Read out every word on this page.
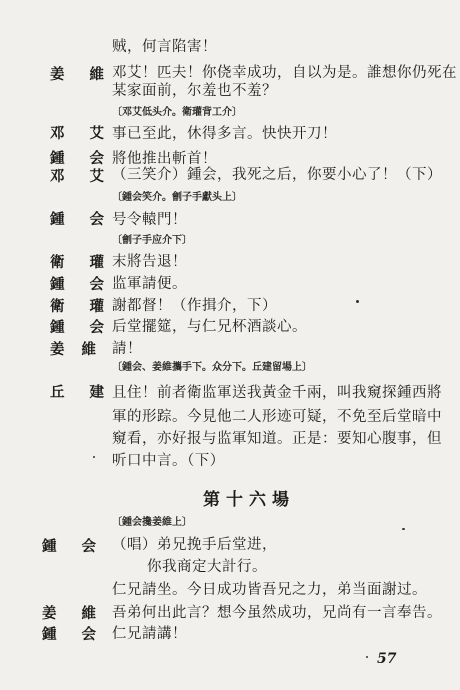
贼，何言陷害！
姜 維
邓艾！匹夫！你侥幸成功，自以为是。誰想你仍死在
某家面前，尔羞也不羞？
〔邓艾低头介。衛瓘背工介〕
邓 艾
事已至此，休得多言。快快开刀！
鍾 会
將他推出斬首！
邓 艾
（三笑介）鍾会，我死之后，你要小心了！（下）
〔鍾会笑介。劊子手獻头上〕
鍾 会
号令轅門！
〔劊子手应介下〕
衛 瓘
末將告退！
鍾 会
监軍請便。
衛 瓘
謝都督！（作揖介，下）
鍾 会
后堂擺筵，与仁兄杯酒談心。
姜 維 請！
〔鍾会、姜維攜手下。众分下。丘建留場上〕
丘 建
且住！前者衛监軍送我黃金千兩，叫我窺探鍾西將
軍的形踪。今見他二人形迹可疑，不免至后堂暗中
窺看，亦好报与监軍知道。正是：要知心腹事，但
听口中言。（下）
第十六場
〔鍾会攙姜維上〕
鍾 会 （唱）弟兄挽手后堂进，
你我商定大計行。
仁兄請坐。今日成功皆吾兄之力，弟当面謝过。
姜 維 吾弟何出此言？想今虽然成功，兄尚有一言奉告。
鍾 会 仁兄請講！
57
